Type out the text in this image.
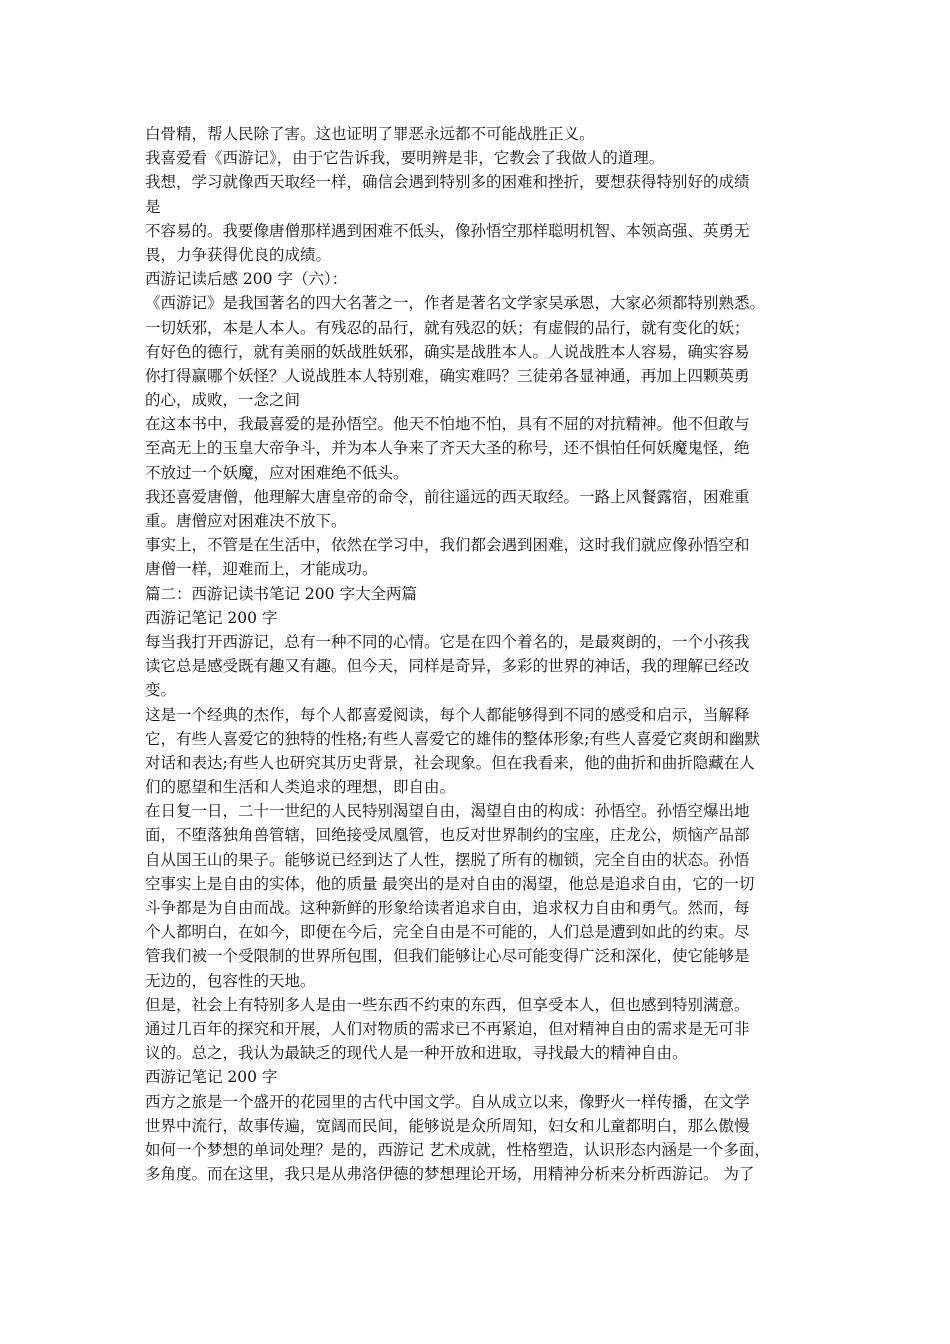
白骨精，帮人民除了害。这也证明了罪恶永远都不可能战胜正义。
我喜爱看《西游记》，由于它告诉我，要明辨是非，它教会了我做人的道理。
我想，学习就像西天取经一样，确信会遇到特别多的困难和挫折，要想获得特别好的成绩
是
不容易的。我要像唐僧那样遇到困难不低头，像孙悟空那样聪明机智、本领高强、英勇无
畏，力争获得优良的成绩。
西游记读后感 200 字（六）：
《西游记》是我国著名的四大名著之一，作者是著名文学家吴承恩，大家必须都特别熟悉。
一切妖邪，本是人本人。有残忍的品行，就有残忍的妖；有虚假的品行，就有变化的妖；
有好色的德行，就有美丽的妖战胜妖邪，确实是战胜本人。人说战胜本人容易，确实容易
你打得赢哪个妖怪？人说战胜本人特别难，确实难吗？三徒弟各显神通，再加上四颗英勇
的心，成败，一念之间
在这本书中，我最喜爱的是孙悟空。他天不怕地不怕，具有不屈的对抗精神。他不但敢与
至高无上的玉皇大帝争斗，并为本人争来了齐天大圣的称号，还不惧怕任何妖魔鬼怪，绝
不放过一个妖魔，应对困难绝不低头。
我还喜爱唐僧，他理解大唐皇帝的命令，前往遥远的西天取经。一路上风餐露宿，困难重
重。唐僧应对困难决不放下。
事实上，不管是在生活中，依然在学习中，我们都会遇到困难，这时我们就应像孙悟空和
唐僧一样，迎难而上，才能成功。
篇二：西游记读书笔记 200 字大全两篇
西游记笔记 200 字
每当我打开西游记，总有一种不同的心情。它是在四个着名的，是最爽朗的，一个小孩我
读它总是感受既有趣又有趣。但今天，同样是奇异，多彩的世界的神话，我的理解已经改
变。
这是一个经典的杰作，每个人都喜爱阅读，每个人都能够得到不同的感受和启示，当解释
它，有些人喜爱它的独特的性格;有些人喜爱它的雄伟的整体形象;有些人喜爱它爽朗和幽默
对话和表达;有些人也研究其历史背景，社会现象。但在我看来，他的曲折和曲折隐藏在人
们的愿望和生活和人类追求的理想，即自由。
在日复一日，二十一世纪的人民特别渴望自由，渴望自由的构成：孙悟空。孙悟空爆出地
面，不堕落独角兽管辖，回绝接受凤凰管，也反对世界制约的宝座，庄龙公，烦恼产品部
自从国王山的果子。能够说已经到达了人性，摆脱了所有的枷锁，完全自由的状态。孙悟
空事实上是自由的实体，他的质量 最突出的是对自由的渴望，他总是追求自由，它的一切
斗争都是为自由而战。这种新鲜的形象给读者追求自由，追求权力自由和勇气。然而，每
个人都明白，在如今，即便在今后，完全自由是不可能的，人们总是遭到如此的约束。尽
管我们被一个受限制的世界所包围，但我们能够让心尽可能变得广泛和深化，使它能够是
无边的，包容性的天地。
但是，社会上有特别多人是由一些东西不约束的东西，但享受本人，但也感到特别满意。
通过几百年的探究和开展，人们对物质的需求已不再紧迫，但对精神自由的需求是无可非
议的。总之，我认为最缺乏的现代人是一种开放和进取，寻找最大的精神自由。
西游记笔记 200 字
西方之旅是一个盛开的花园里的古代中国文学。自从成立以来，像野火一样传播，在文学
世界中流行，故事传遍，宽阔而民间，能够说是众所周知，妇女和儿童都明白，那么傲慢
如何一个梦想的单词处理？是的，西游记 艺术成就，性格塑造，认识形态内涵是一个多面，
多角度。而在这里，我只是从弗洛伊德的梦想理论开场，用精神分析来分析西游记。 为了
